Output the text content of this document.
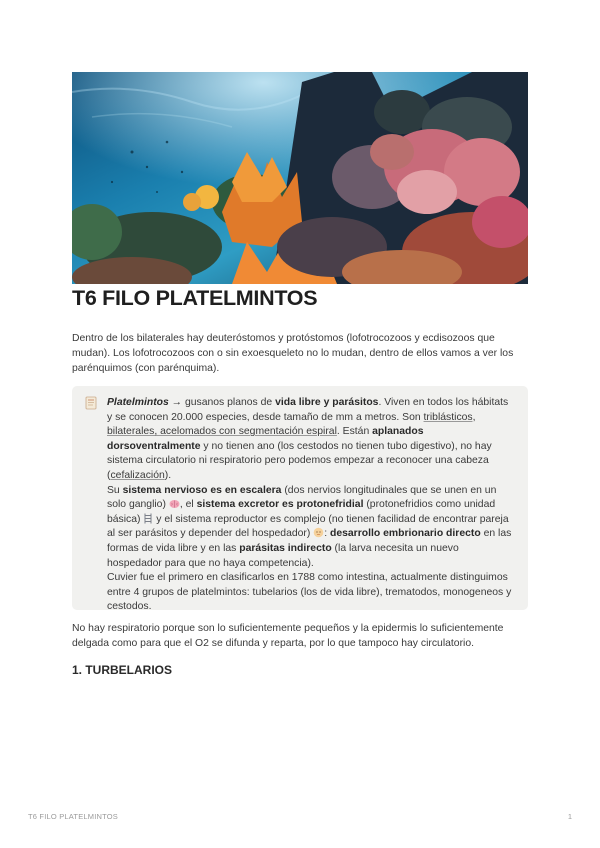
T6 FILO PLATELMINTOS

Dentro de los bilaterales hay deuteróstomos y protóstomos (lofotrocozoos y ecdisozoos que mudan). Los lofotrocozoos con o sin exoesqueleto no lo mudan, dentro de ellos vamos a ver los parénquimos (con parénquima).

Platelmintos → gusanos planos de vida libre y parásitos. Viven en todos los hábitats y se conocen 20.000 especies, desde tamaño de mm a metros. Son triblásticos, bilaterales, acelomados con segmentación espiral. Están aplanados dorsoventralmente y no tienen ano (los cestodos no tienen tubo digestivo), no hay sistema circulatorio ni respiratorio pero podemos empezar a reconocer una cabeza (cefalización).
Su sistema nervioso es en escalera (dos nervios longitudinales que se unen en un solo ganglio) , el sistema excretor es protonefridial (protonefridios como unidad básica)  y el sistema reproductor es complejo (no tienen facilidad de encontrar pareja al ser parásitos y depender del hospedador) : desarrollo embrionario directo en las formas de vida libre y en las parásitas indirecto (la larva necesita un nuevo hospedador para que no haya competencia).
Cuvier fue el primero en clasificarlos en 1788 como intestina, actualmente distinguimos entre 4 grupos de platelmintos: tubelarios (los de vida libre), trematodos, monogeneos y cestodos.

No hay respiratorio porque son lo suficientemente pequeños y la epidermis lo suficientemente delgada como para que el O2 se difunda y reparta, por lo que tampoco hay circulatorio.

1. TURBELARIOS
T6 FILO PLATELMINTOS	1
